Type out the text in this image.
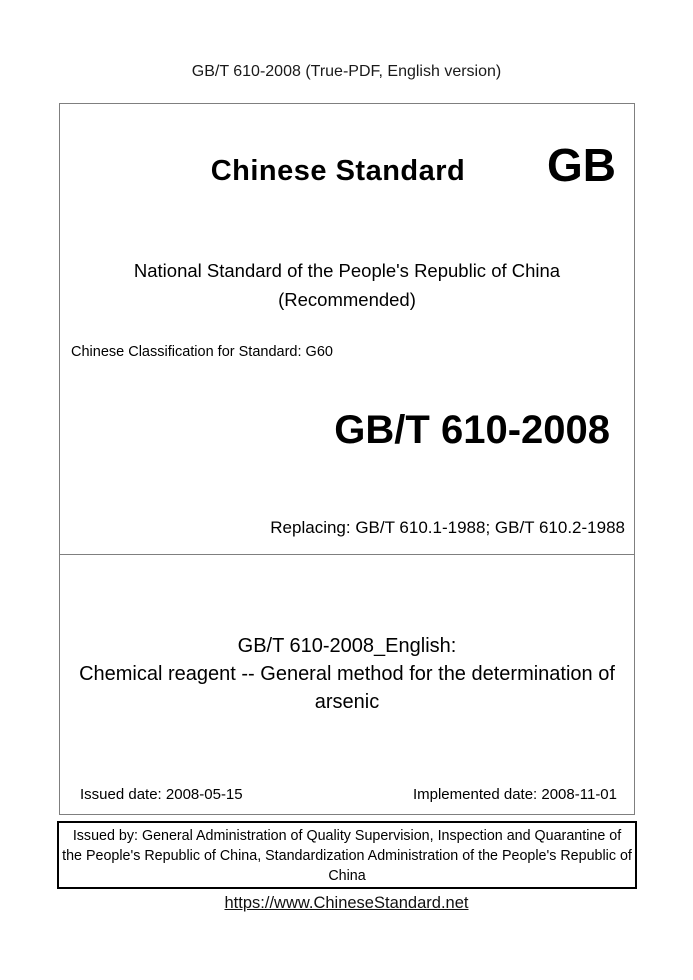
GB/T 610-2008 (True-PDF, English version)
Chinese Standard	GB
National Standard of the People's Republic of China
(Recommended)
Chinese Classification for Standard: G60
GB/T 610-2008
Replacing: GB/T 610.1-1988; GB/T 610.2-1988
GB/T 610-2008_English:
Chemical reagent -- General method for the determination of arsenic
Issued date: 2008-05-15	Implemented date: 2008-11-01
Issued by: General Administration of Quality Supervision, Inspection and Quarantine of
the People's Republic of China, Standardization Administration of the People's Republic of
China
https://www.ChineseStandard.net
